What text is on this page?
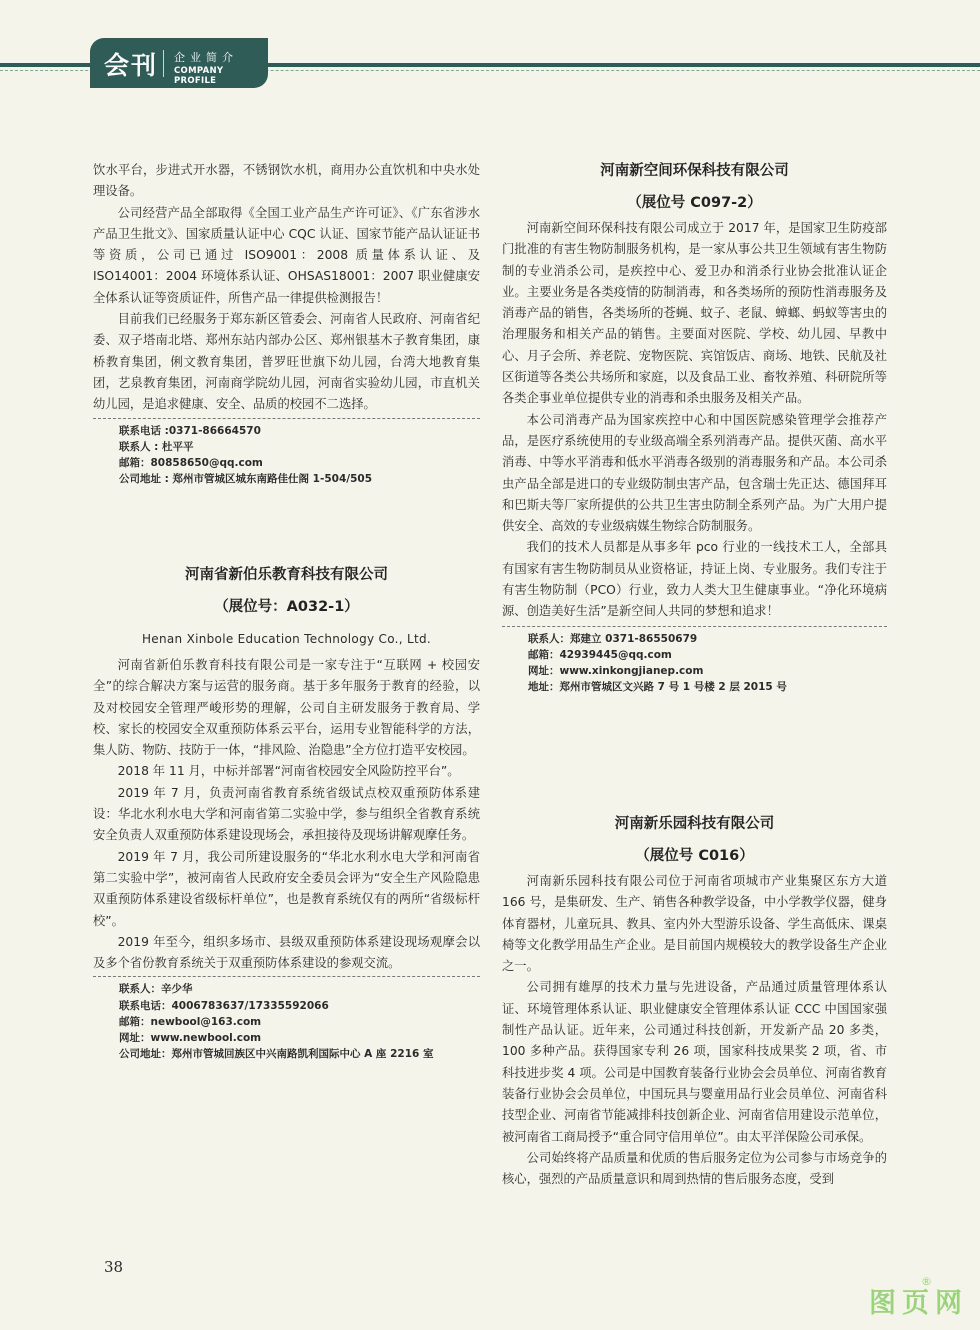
会刊 企业简介
COMPANY PROFILE

饮水平台，步进式开水器，不锈钢饮水机，商用办公直饮机和中央水处理设备。

公司经营产品全部取得《全国工业产品生产许可证》、《广东省涉水产品卫生批文》、国家质量认证中心 CQC 认证、国家节能产品认证证书等资质，公司已通过 ISO9001：2008 质量体系认证、及 ISO14001：2004 环境体系认证、OHSAS18001：2007 职业健康安全体系认证等资质证件，所售产品一律提供检测报告！

目前我们已经服务于郑东新区管委会、河南省人民政府、河南省纪委、双子塔南北塔、郑州东站内部办公区、郑州银基木子教育集团，康桥教育集团，俐文教育集团，普罗旺世旗下幼儿园，台湾大地教育集团，艺泉教育集团，河南商学院幼儿园，河南省实验幼儿园，市直机关幼儿园，是追求健康、安全、品质的校园不二选择。

联系电话 :0371-86664570
联系人 : 杜平平
邮箱：80858650@qq.com
公司地址 : 郑州市管城区城东南路佳仕阁 1-504/505

河南省新伯乐教育科技有限公司

（展位号：A032-1）

Henan Xinbole Education Technology Co., Ltd.

河南省新伯乐教育科技有限公司是一家专注于“互联网 + 校园安全”的综合解决方案与运营的服务商。基于多年服务于教育的经验，以及对校园安全管理严峻形势的理解，公司自主研发服务于教育局、学校、家长的校园安全双重预防体系云平台，运用专业智能科学的方法，集人防、物防、技防于一体，“排风险、治隐患”全方位打造平安校园。

2018 年 11 月，中标并部署“河南省校园安全风险防控平台”。

2019 年 7 月，负责河南省教育系统省级试点校双重预防体系建设：华北水利水电大学和河南省第二实验中学，参与组织全省教育系统安全负责人双重预防体系建设现场会，承担接待及现场讲解观摩任务。

2019 年 7 月，我公司所建设服务的“华北水利水电大学和河南省第二实验中学”，被河南省人民政府安全委员会评为“安全生产风险隐患双重预防体系建设省级标杆单位”，也是教育系统仅有的两所“省级标杆校”。

2019 年至今，组织多场市、县级双重预防体系建设现场观摩会以及多个省份教育系统关于双重预防体系建设的参观交流。

联系人：辛少华
联系电话：4006783637/17335592066
邮箱：newbool@163.com
网址：www.newbool.com
公司地址：郑州市管城回族区中兴南路凯利国际中心 A 座 2216 室

河南新空间环保科技有限公司

（展位号 C097-2）

河南新空间环保科技有限公司成立于 2017 年，是国家卫生防疫部门批准的有害生物防制服务机构，是一家从事公共卫生领域有害生物防制的专业消杀公司，是疾控中心、爱卫办和消杀行业协会批准认证企业。主要业务是各类疫情的防制消毒，和各类场所的预防性消毒服务及消毒产品的销售，各类场所的苍蝇、蚊子、老鼠、蟑螂、蚂蚁等害虫的治理服务和相关产品的销售。主要面对医院、学校、幼儿园、早教中心、月子会所、养老院、宠物医院、宾馆饭店、商场、地铁、民航及社区街道等各类公共场所和家庭，以及食品工业、畜牧养殖、科研院所等各类企事业单位提供专业的消毒和杀虫服务及相关产品。

本公司消毒产品为国家疾控中心和中国医院感染管理学会推荐产品，是医疗系统使用的专业级高端全系列消毒产品。提供灭菌、高水平消毒、中等水平消毒和低水平消毒各级别的消毒服务和产品。本公司杀虫产品全部是进口的专业级防制虫害产品，包含瑞士先正达、德国拜耳和巴斯夫等厂家所提供的公共卫生害虫防制全系列产品。为广大用户提供安全、高效的专业级病媒生物综合防制服务。

我们的技术人员都是从事多年 pco 行业的一线技术工人，全部具有国家有害生物防制员从业资格证，持证上岗、专业服务。我们专注于有害生物防制（PCO）行业，致力人类大卫生健康事业。“净化环境病源、创造美好生活”是新空间人共同的梦想和追求！

联系人：郑建立 0371-86550679
邮箱：42939445@qq.com
网址：www.xinkongjianep.com
地址：郑州市管城区文兴路 7 号 1 号楼 2 层 2015 号

河南新乐园科技有限公司

（展位号 C016）

河南新乐园科技有限公司位于河南省项城市产业集聚区东方大道 166 号，是集研发、生产、销售各种教学设备，中小学教学仪器，健身体育器材，儿童玩具、教具、室内外大型游乐设备、学生高低床、课桌椅等文化教学用品生产企业。是目前国内规模较大的教学设备生产企业之一。

公司拥有雄厚的技术力量与先进设备，产品通过质量管理体系认证、环境管理体系认证、职业健康安全管理体系认证 CCC 中国国家强制性产品认证。近年来，公司通过科技创新，开发新产品 20 多类，100 多种产品。获得国家专利 26 项，国家科技成果奖 2 项，省、市科技进步奖 4 项。公司是中国教育装备行业协会会员单位、河南省教育装备行业协会会员单位，中国玩具与婴童用品行业会员单位、河南省科技型企业、河南省节能减排科技创新企业、河南省信用建设示范单位，被河南省工商局授予“重合同守信用单位”。由太平洋保险公司承保。

公司始终将产品质量和优质的售后服务定位为公司参与市场竞争的核心，强烈的产品质量意识和周到热情的售后服务态度，受到

38
®
图页网
